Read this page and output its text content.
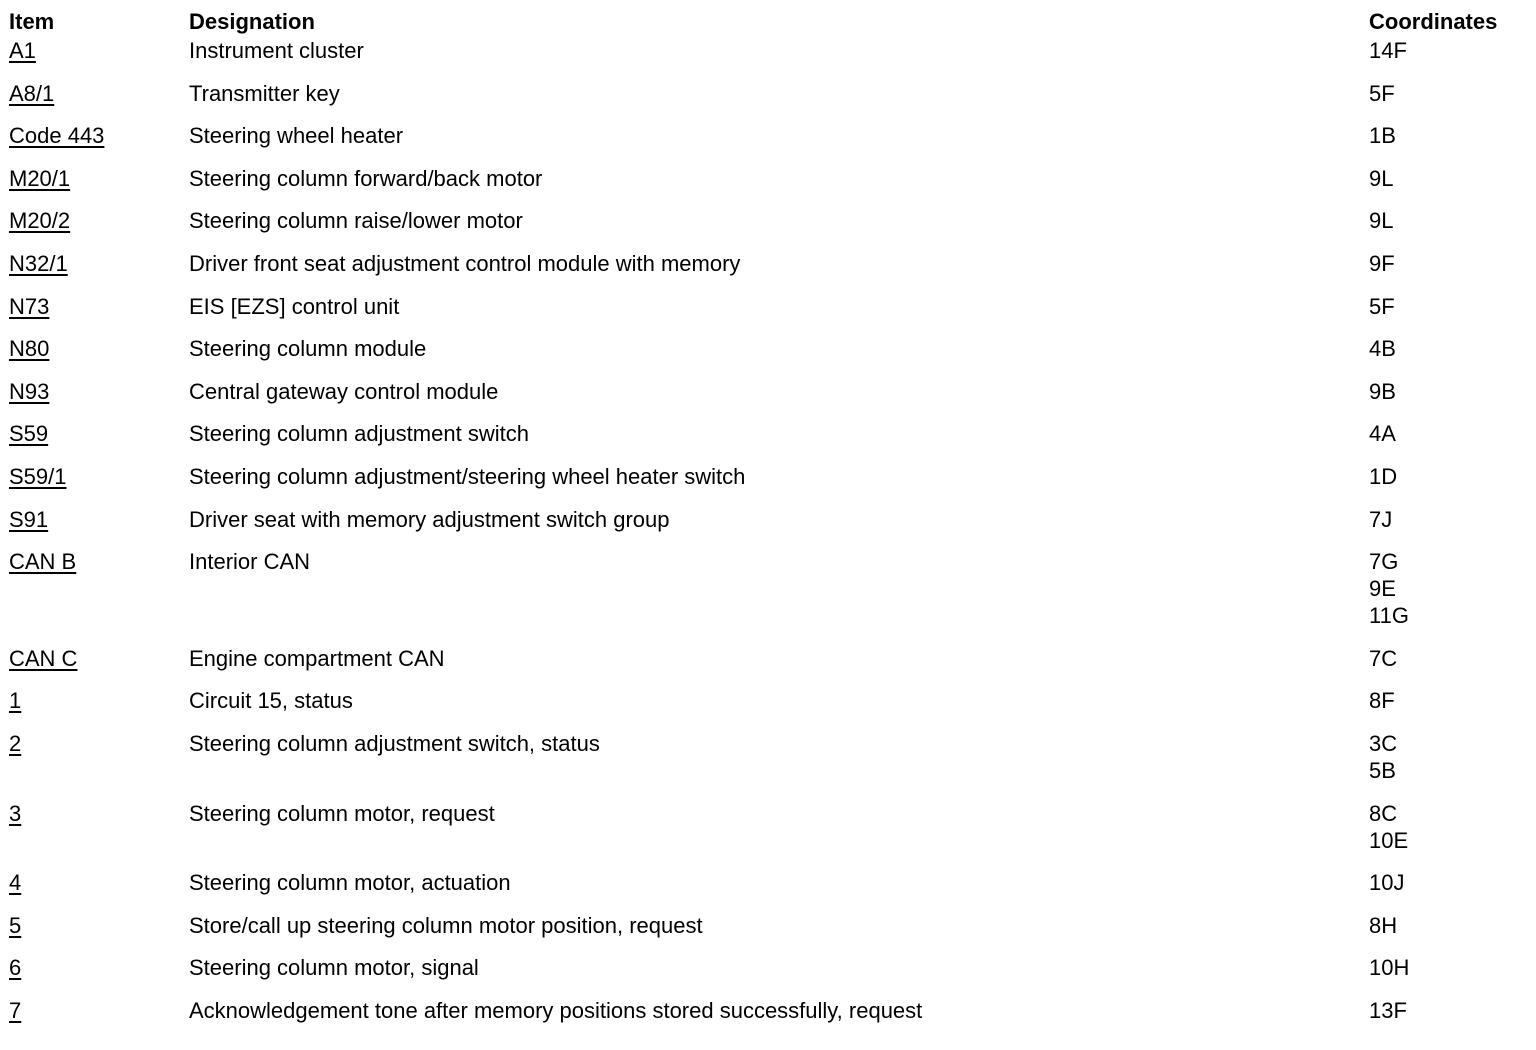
Item	Designation	Coordinates
A1	Instrument cluster	14F
A8/1	Transmitter key	5F
Code 443	Steering wheel heater	1B
M20/1	Steering column forward/back motor	9L
M20/2	Steering column raise/lower motor	9L
N32/1	Driver front seat adjustment control module with memory	9F
N73	EIS [EZS] control unit	5F
N80	Steering column module	4B
N93	Central gateway control module	9B
S59	Steering column adjustment switch	4A
S59/1	Steering column adjustment/steering wheel heater switch	1D
S91	Driver seat with memory adjustment switch group	7J
CAN B	Interior CAN	7G
9E
11G
CAN C	Engine compartment CAN	7C
1	Circuit 15, status	8F
2	Steering column adjustment switch, status	3C
5B
3	Steering column motor, request	8C
10E
4	Steering column motor, actuation	10J
5	Store/call up steering column motor position, request	8H
6	Steering column motor, signal	10H
7	Acknowledgement tone after memory positions stored successfully, request	13F
